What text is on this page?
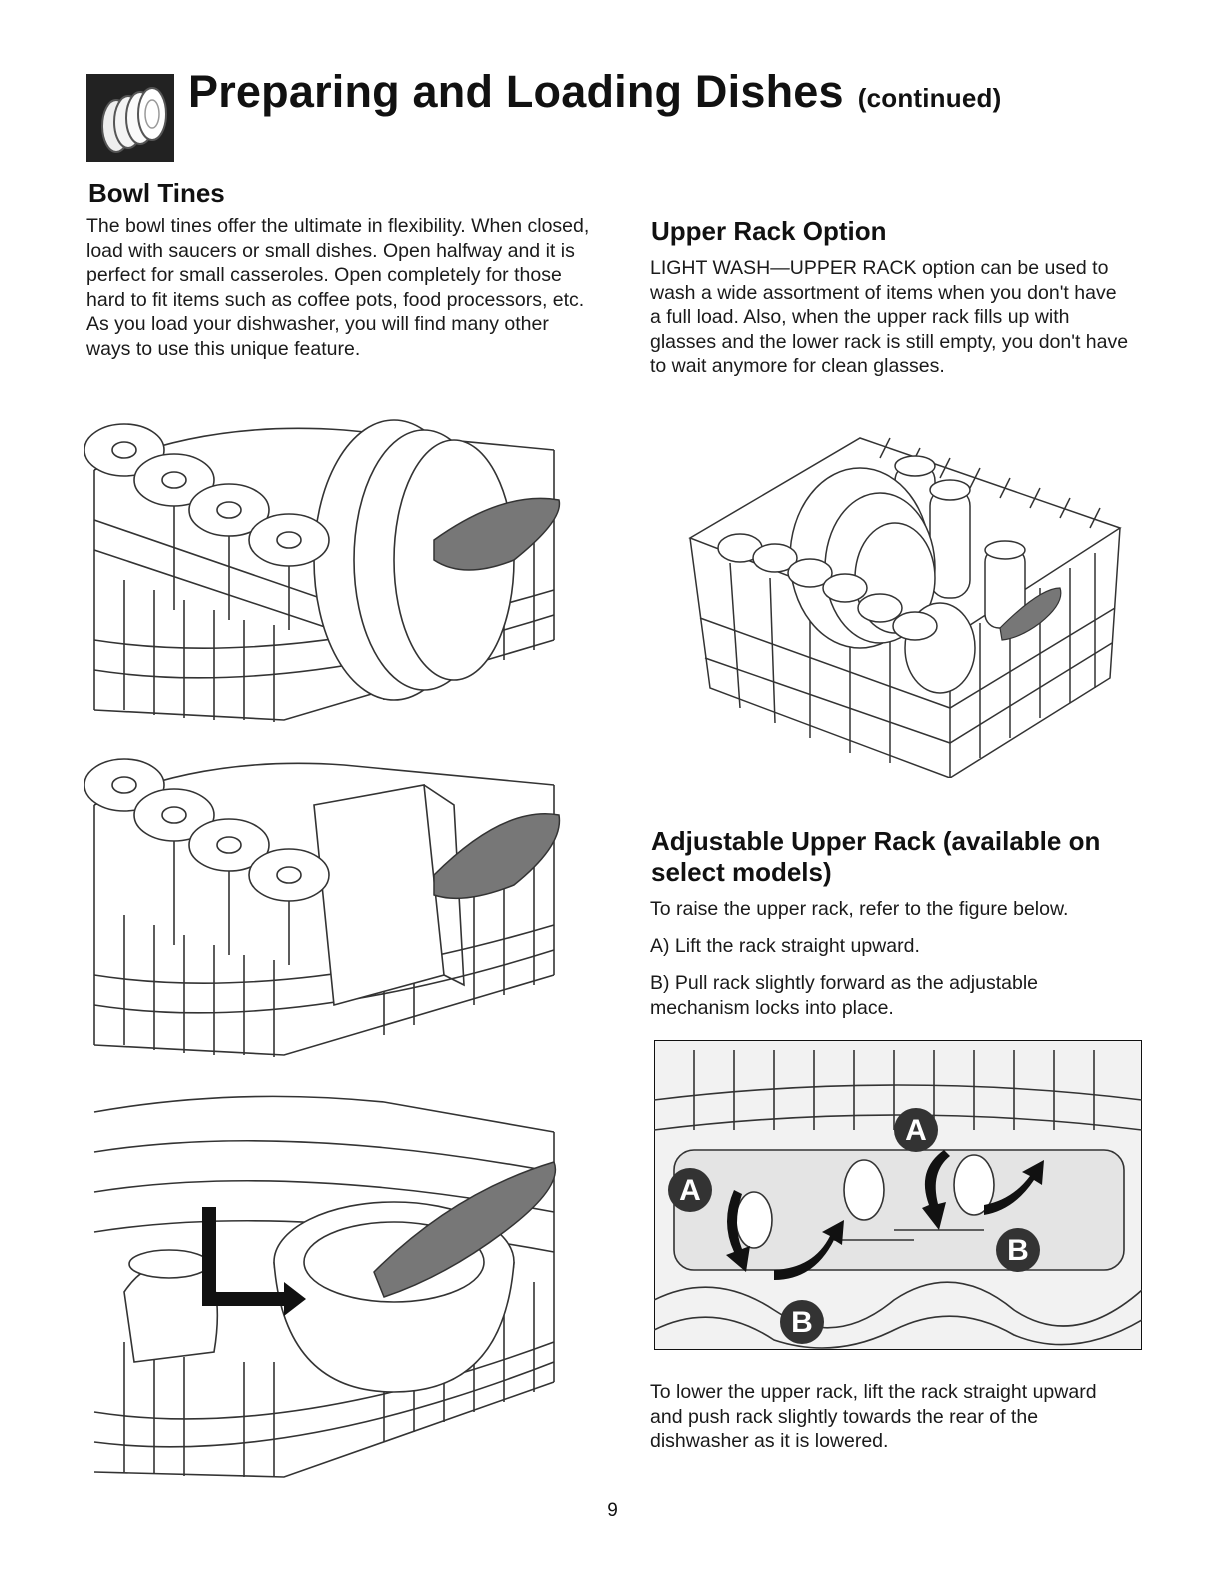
Preparing and Loading Dishes (continued)
Bowl Tines

The bowl tines offer the ultimate in flexibility. When closed, load with saucers or small dishes. Open halfway and it is perfect for small casseroles. Open completely for those hard to fit items such as coffee pots, food processors, etc. As you load your dishwasher, you will find many other ways to use this unique feature.

Upper Rack Option

LIGHT WASH—UPPER RACK option can be used to wash a wide assortment of items when you don't have a full load. Also, when the upper rack fills up with glasses and the lower rack is still empty, you don't have to wait anymore for clean glasses.

Adjustable Upper Rack (available on select models)

To raise the upper rack, refer to the figure below.

A) Lift the rack straight upward.

B) Pull rack slightly forward as the adjustable mechanism locks into place.

A
A
B
B

To lower the upper rack, lift the rack straight upward and push rack slightly towards the rear of the dishwasher as it is lowered.

9
